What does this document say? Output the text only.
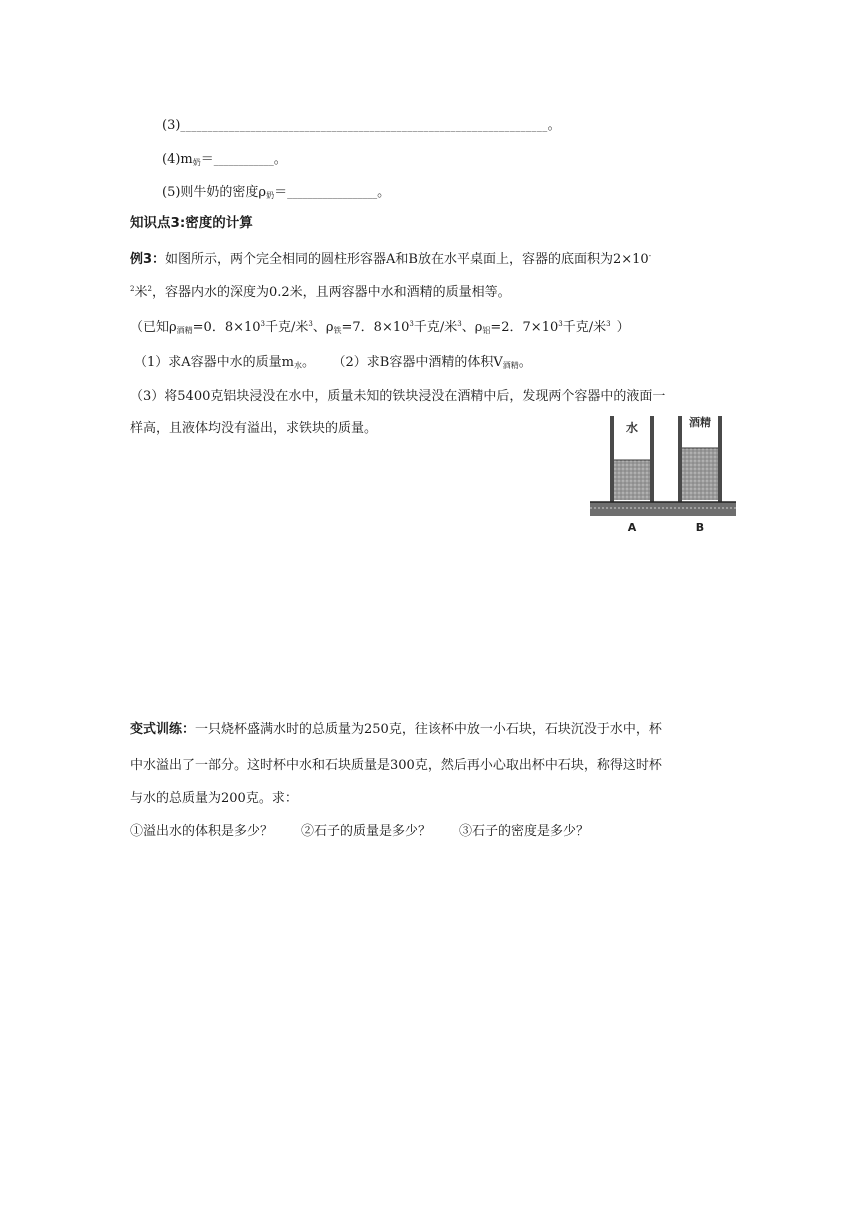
(3)____________________________________________________________________。
$(4)m_奶=\_\_\_\_\_\_\_\_\_\_\_\_$。
(5)则牛奶的密度$\rho_奶=\_\_\_\_\_\_\_\_\_\_\_\_\_\_\_\_\_\_$。
知识点3:密度的计算
例3：如图所示，两个完全相同的圆柱形容器A和B放在水平桌面上，容器的底面积为2×10-
$^2$米$^2$，容器内水的深度为0.2米，且两容器中水和酒精的质量相等。
（已知$\rho_{酒精}=0$．$8\times 10^3$千克/米$^3$、$\rho_铁=7$．$8\times 10^3$千克/米$^3$、$\rho_铝=2$．$7\times 10^3$千克/米$^3$ ）
（1）求A容器中水的质量$m_水$。 （2）求B容器中酒精的体积$V_{酒精}$。
（3）将5400克铝块浸没在水中，质量未知的铁块浸没在酒精中后，发现两个容器中的液面一
样高，且液体均没有溢出，求铁块的质量。	水	酒精
A	B
变式训练：一只烧杯盛满水时的总质量为250克，往该杯中放一小石块，石块沉没于水中，杯
中水溢出了一部分。这时杯中水和石块质量是300克，然后再小心取出杯中石块，称得这时杯
与水的总质量为200克。求：
①溢出水的体积是多少？ ②石子的质量是多少？ ③石子的密度是多少？
